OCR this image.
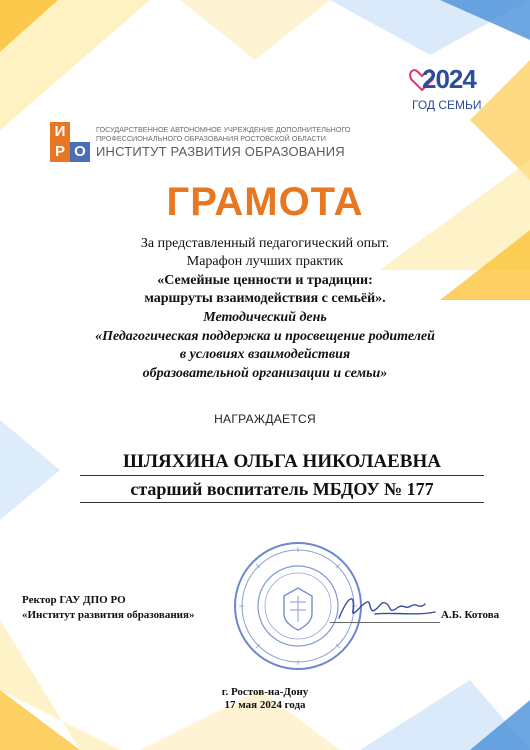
2024
ГОД СЕМЬИ
И
Р О
ГОСУДАРСТВЕННОЕ АВТОНОМНОЕ УЧРЕЖДЕНИЕ ДОПОЛНИТЕЛЬНОГО ПРОФЕССИОНАЛЬНОГО ОБРАЗОВАНИЯ РОСТОВСКОЙ ОБЛАСТИ
ИНСТИТУТ РАЗВИТИЯ ОБРАЗОВАНИЯ
ГРАМОТА
За представленный педагогический опыт.
Марафон лучших практик
«Семейные ценности и традиции:
маршруты взаимодействия с семьёй».
Методический день
«Педагогическая поддержка и просвещение родителей
в условиях взаимодействия
образовательной организации и семьи»
НАГРАЖДАЕТСЯ
ШЛЯХИНА ОЛЬГА НИКОЛАЕВНА
старший воспитатель МБДОУ № 177
Ректор ГАУ ДПО РО
«Институт развития образования»	А.Б. Котова
г. Ростов-на-Дону
17 мая 2024 года
